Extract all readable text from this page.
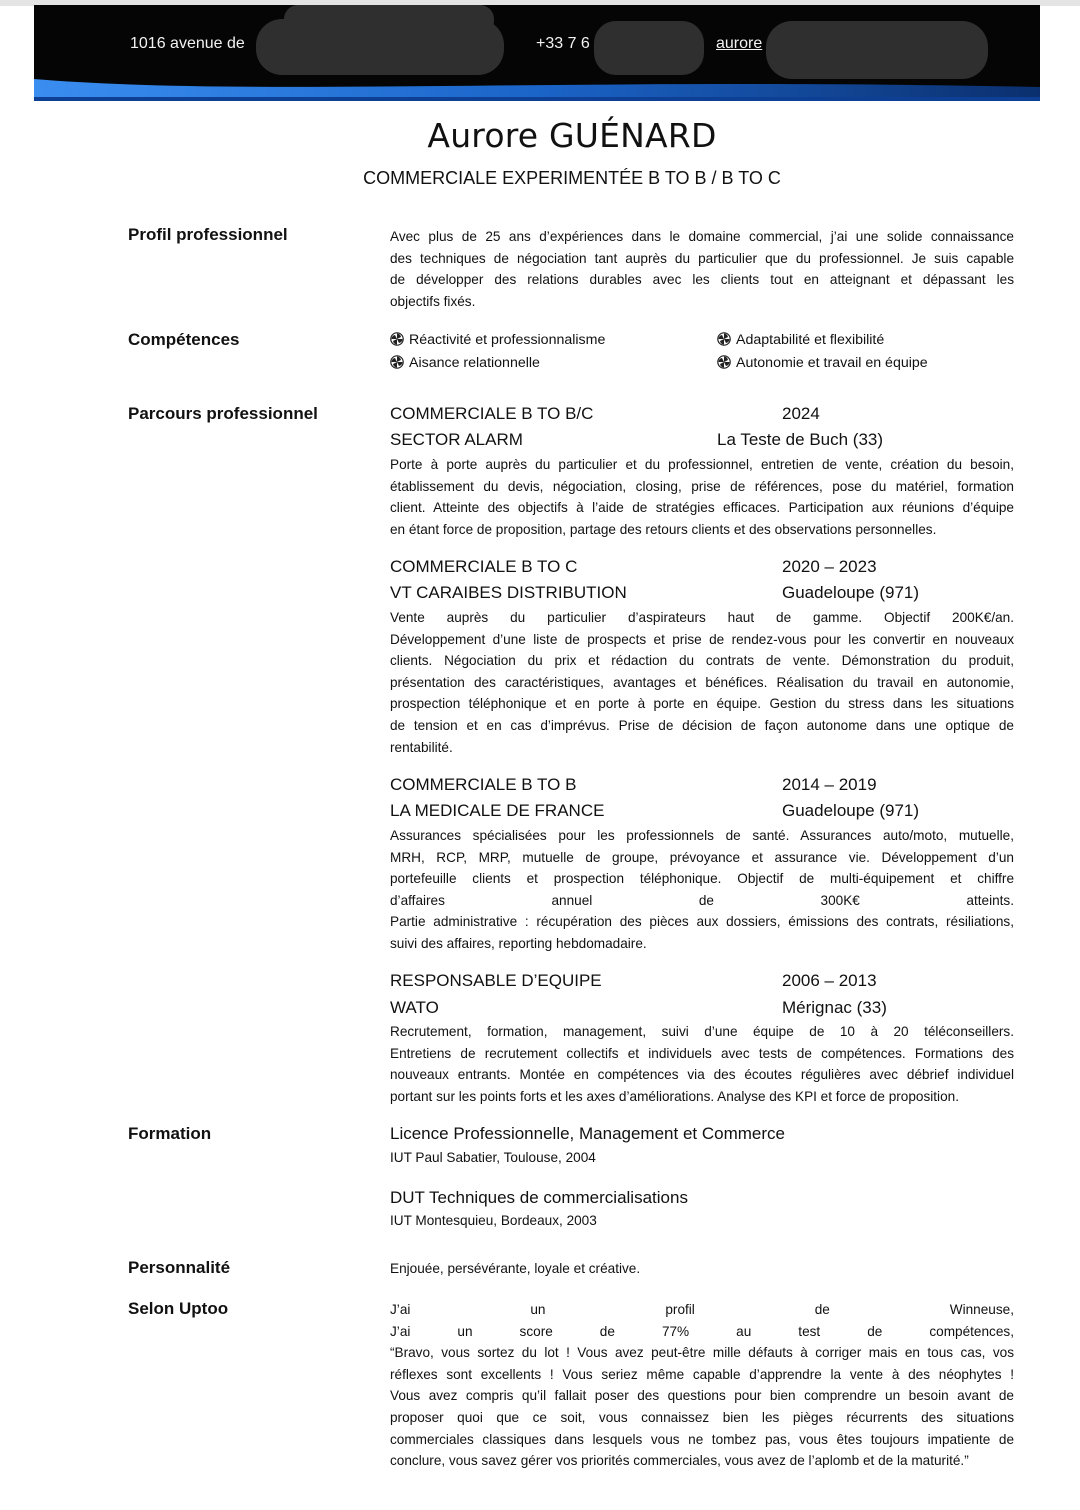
1016 avenue de	+33 7 6	aurore
Aurore GUÉNARD
COMMERCIALE EXPERIMENTÉE B TO B / B TO C
Profil professionnel	Avec plus de 25 ans d’expériences dans le domaine commercial, j’ai une solide connaissance
des techniques de négociation tant auprès du particulier que du professionnel. Je suis capable
de développer des relations durables avec les clients tout en atteignant et dépassant les
objectifs fixés.
Compétences	Réactivité et professionnalisme	Adaptabilité et flexibilité
Aisance relationnelle	Autonomie et travail en équipe
Parcours professionnel	COMMERCIALE B TO B/C	2024
SECTOR ALARM	La Teste de Buch (33)
Porte à porte auprès du particulier et du professionnel, entretien de vente, création du besoin,
établissement du devis, négociation, closing, prise de références, pose du matériel, formation
client. Atteinte des objectifs à l’aide de stratégies efficaces. Participation aux réunions d’équipe
en étant force de proposition, partage des retours clients et des observations personnelles.
COMMERCIALE B TO C	2020 – 2023
VT CARAIBES DISTRIBUTION	Guadeloupe (971)
Vente auprès du particulier d’aspirateurs haut de gamme. Objectif 200K€/an.
Développement d’une liste de prospects et prise de rendez-vous pour les convertir en nouveaux
clients. Négociation du prix et rédaction du contrats de vente. Démonstration du produit,
présentation des caractéristiques, avantages et bénéfices. Réalisation du travail en autonomie,
prospection téléphonique et en porte à porte en équipe. Gestion du stress dans les situations
de tension et en cas d’imprévus. Prise de décision de façon autonome dans une optique de
rentabilité.
COMMERCIALE B TO B	2014 – 2019
LA MEDICALE DE FRANCE	Guadeloupe (971)
Assurances spécialisées pour les professionnels de santé. Assurances auto/moto, mutuelle,
MRH, RCP, MRP, mutuelle de groupe, prévoyance et assurance vie. Développement d’un
portefeuille clients et prospection téléphonique. Objectif de multi-équipement et chiffre
d’affaires annuel de 300K€ atteints.
Partie administrative : récupération des pièces aux dossiers, émissions des contrats, résiliations,
suivi des affaires, reporting hebdomadaire.
RESPONSABLE D’EQUIPE	2006 – 2013
WATO	Mérignac (33)
Recrutement, formation, management, suivi d’une équipe de 10 à 20 téléconseillers.
Entretiens de recrutement collectifs et individuels avec tests de compétences. Formations des
nouveaux entrants. Montée en compétences via des écoutes régulières avec débrief individuel
portant sur les points forts et les axes d’améliorations. Analyse des KPI et force de proposition.
Formation	Licence Professionnelle, Management et Commerce
IUT Paul Sabatier, Toulouse, 2004
DUT Techniques de commercialisations
IUT Montesquieu, Bordeaux, 2003
Personnalité	Enjouée, persévérante, loyale et créative.
Selon Uptoo	J’ai un profil de Winneuse,
J’ai un score de 77% au test de compétences,
“Bravo, vous sortez du lot ! Vous avez peut-être mille défauts à corriger mais en tous cas, vos
réflexes sont excellents ! Vous seriez même capable d’apprendre la vente à des néophytes !
Vous avez compris qu’il fallait poser des questions pour bien comprendre un besoin avant de
proposer quoi que ce soit, vous connaissez bien les pièges récurrents des situations
commerciales classiques dans lesquels vous ne tombez pas, vous êtes toujours impatiente de
conclure, vous savez gérer vos priorités commerciales, vous avez de l’aplomb et de la maturité.”
